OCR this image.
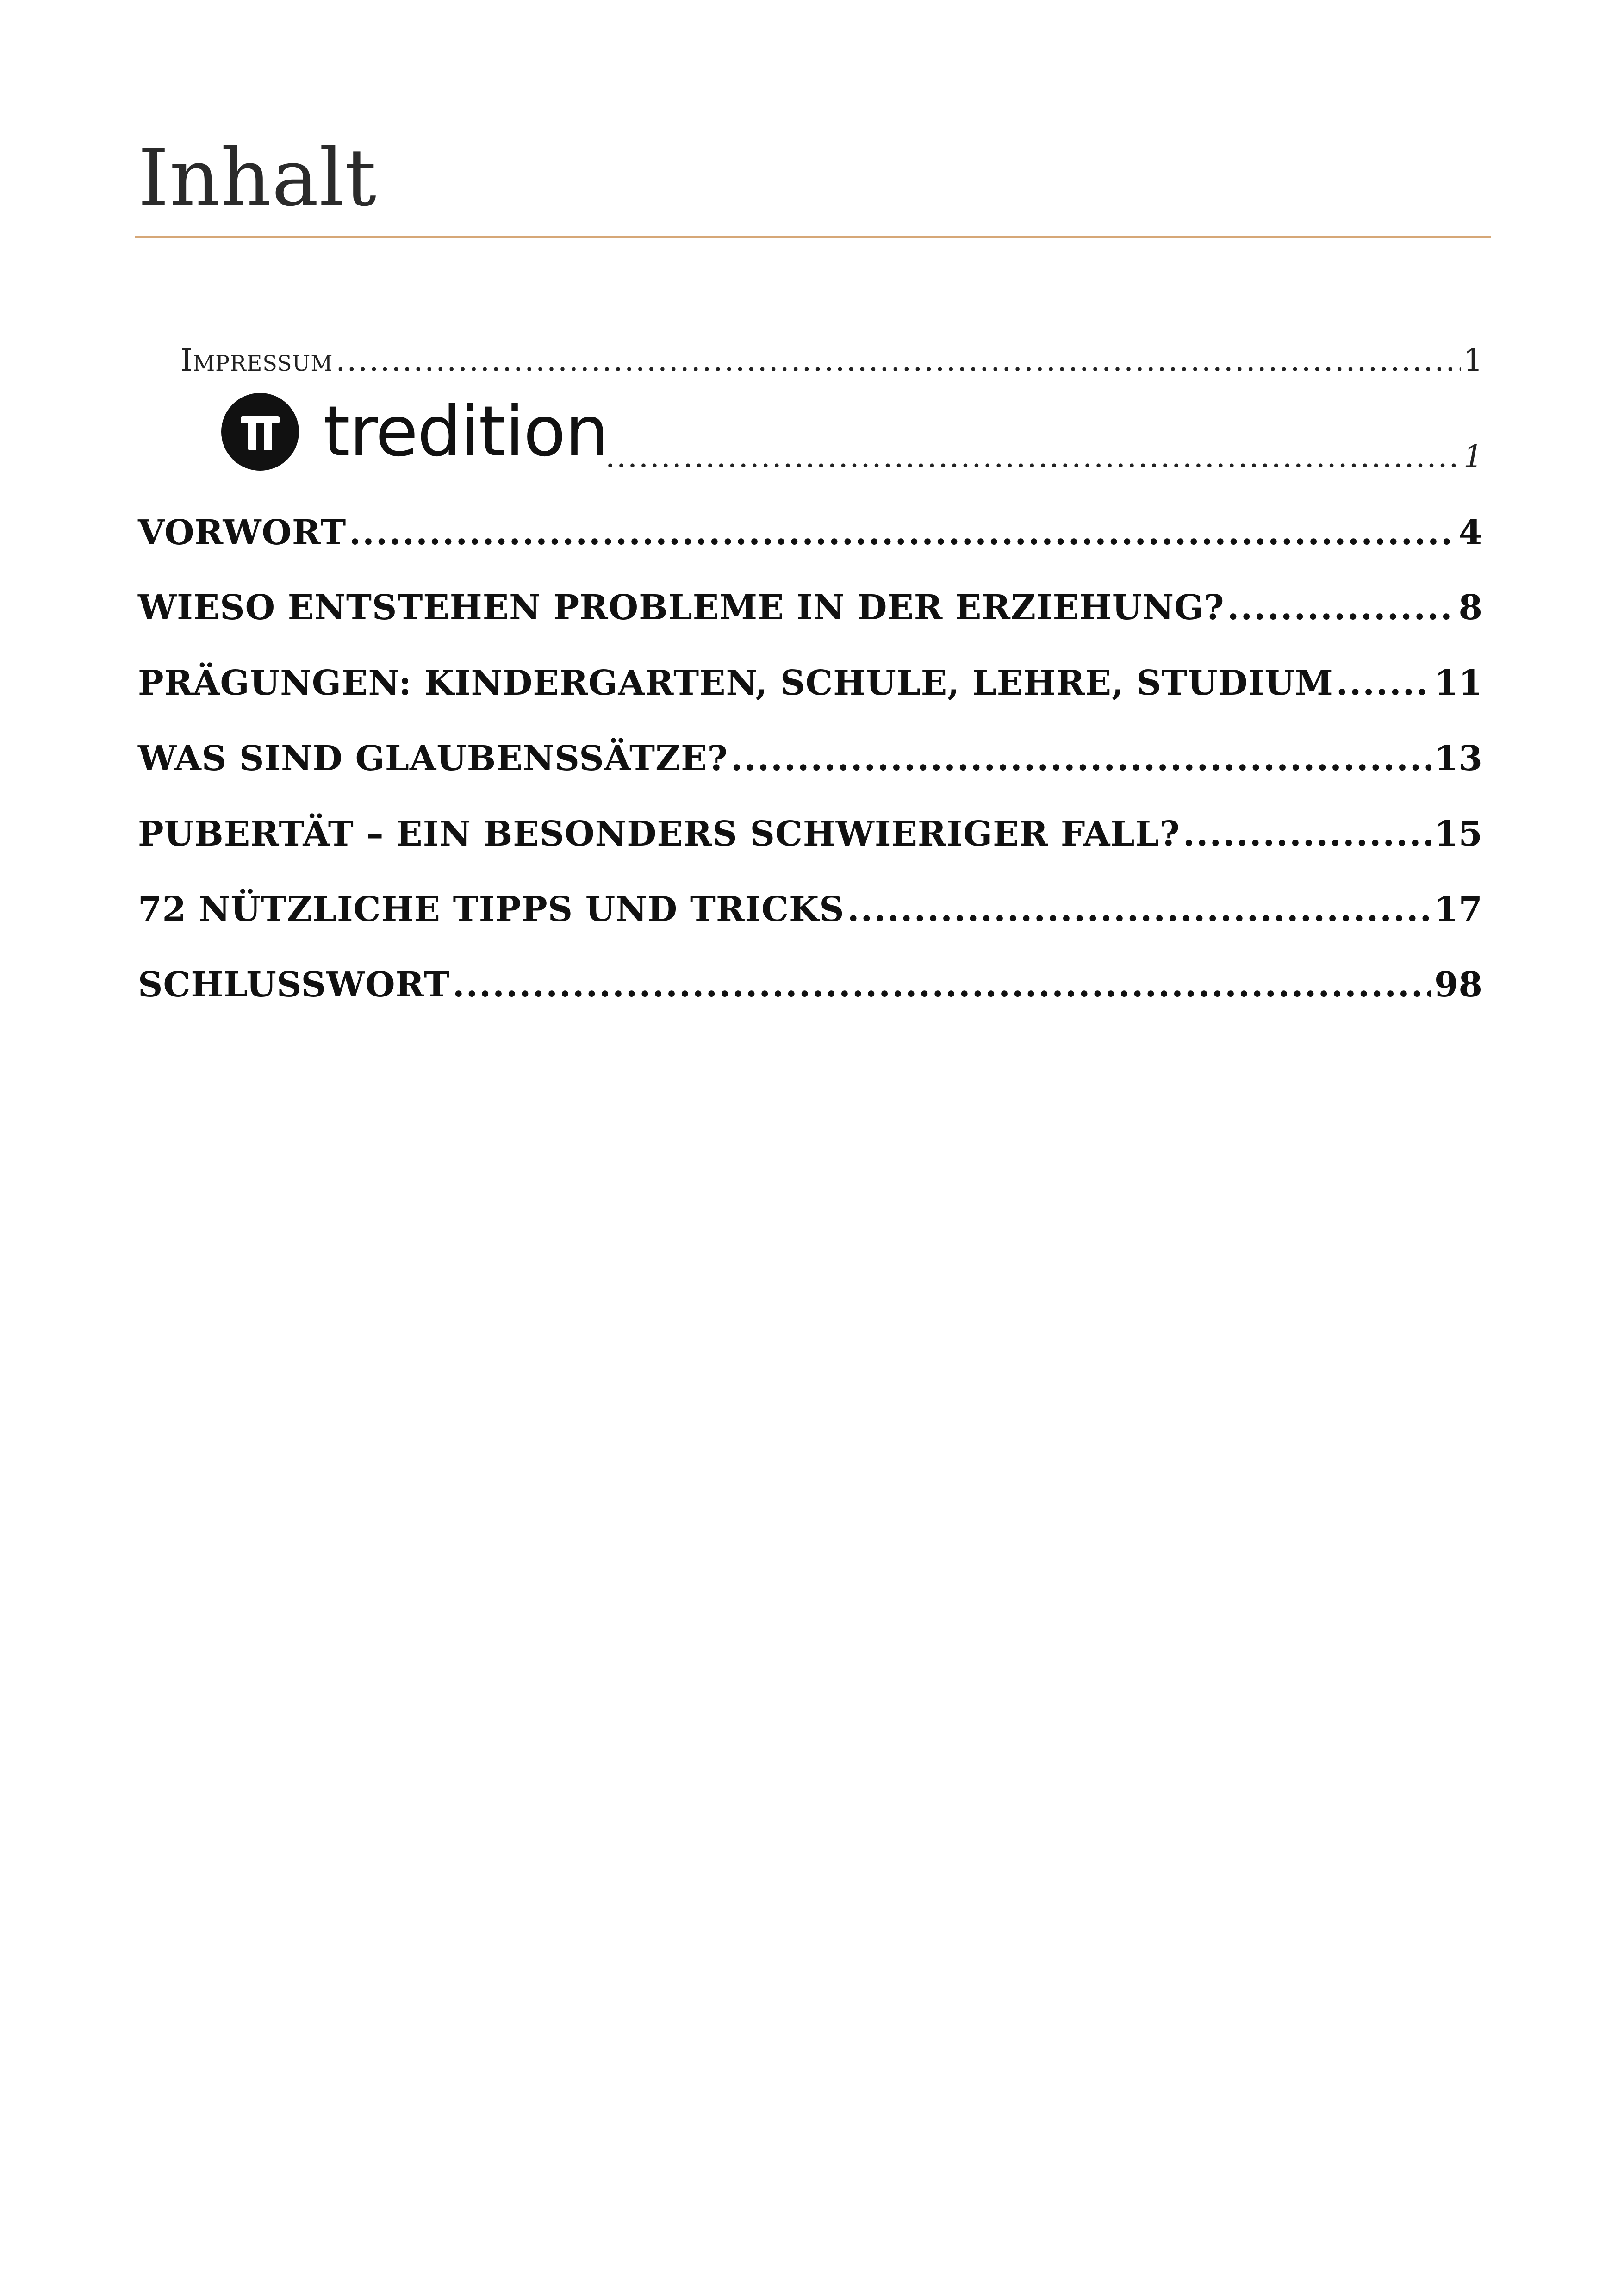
Inhalt
Impressum .....	1
tredition .....	1
VORWORT .....	4
WIESO ENTSTEHEN PROBLEME IN DER ERZIEHUNG? .....	8
PRÄGUNGEN: KINDERGARTEN, SCHULE, LEHRE, STUDIUM .....	11
WAS SIND GLAUBENSSÄTZE? .....	13
PUBERTÄT – EIN BESONDERS SCHWIERIGER FALL? .....	15
72 NÜTZLICHE TIPPS UND TRICKS .....	17
SCHLUSSWORT .....	98
